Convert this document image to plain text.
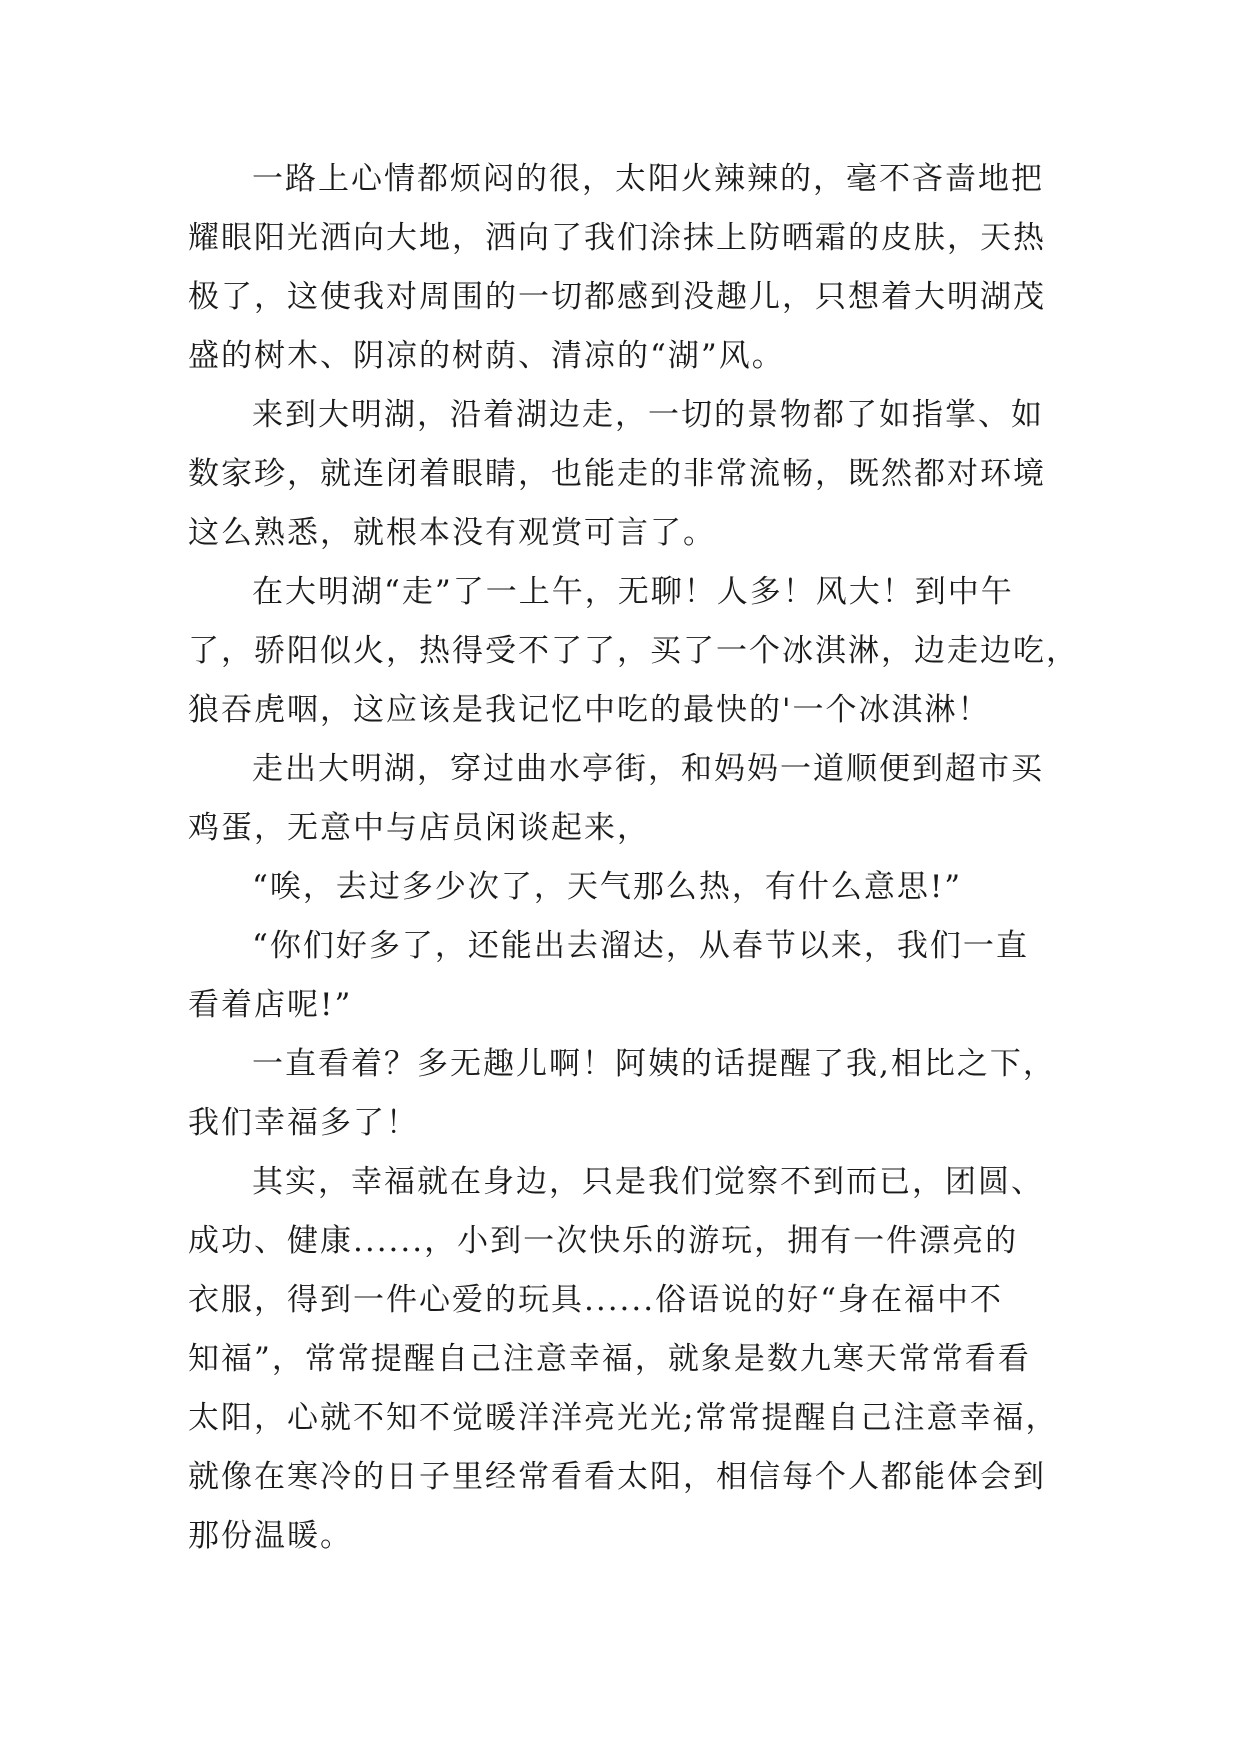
一路上心情都烦闷的很，太阳火辣辣的，毫不吝啬地把
耀眼阳光洒向大地，洒向了我们涂抹上防晒霜的皮肤，天热
极了，这使我对周围的一切都感到没趣儿，只想着大明湖茂
盛的树木、阴凉的树荫、清凉的“湖”风。

来到大明湖，沿着湖边走，一切的景物都了如指掌、如
数家珍，就连闭着眼睛，也能走的非常流畅，既然都对环境
这么熟悉，就根本没有观赏可言了。

在大明湖“走”了一上午，无聊！人多！风大！到中午
了，骄阳似火，热得受不了了，买了一个冰淇淋，边走边吃，
狼吞虎咽，这应该是我记忆中吃的最快的'一个冰淇淋！

走出大明湖，穿过曲水亭街，和妈妈一道顺便到超市买
鸡蛋，无意中与店员闲谈起来，

“唉，去过多少次了，天气那么热，有什么意思!”

“你们好多了，还能出去溜达，从春节以来，我们一直
看着店呢!”

一直看着？多无趣儿啊！阿姨的话提醒了我,相比之下，
我们幸福多了！

其实，幸福就在身边，只是我们觉察不到而已，团圆、
成功、健康......，小到一次快乐的游玩，拥有一件漂亮的
衣服，得到一件心爱的玩具......俗语说的好“身在福中不
知福”，常常提醒自己注意幸福，就象是数九寒天常常看看
太阳，心就不知不觉暖洋洋亮光光;常常提醒自己注意幸福，
就像在寒冷的日子里经常看看太阳，相信每个人都能体会到
那份温暖。
